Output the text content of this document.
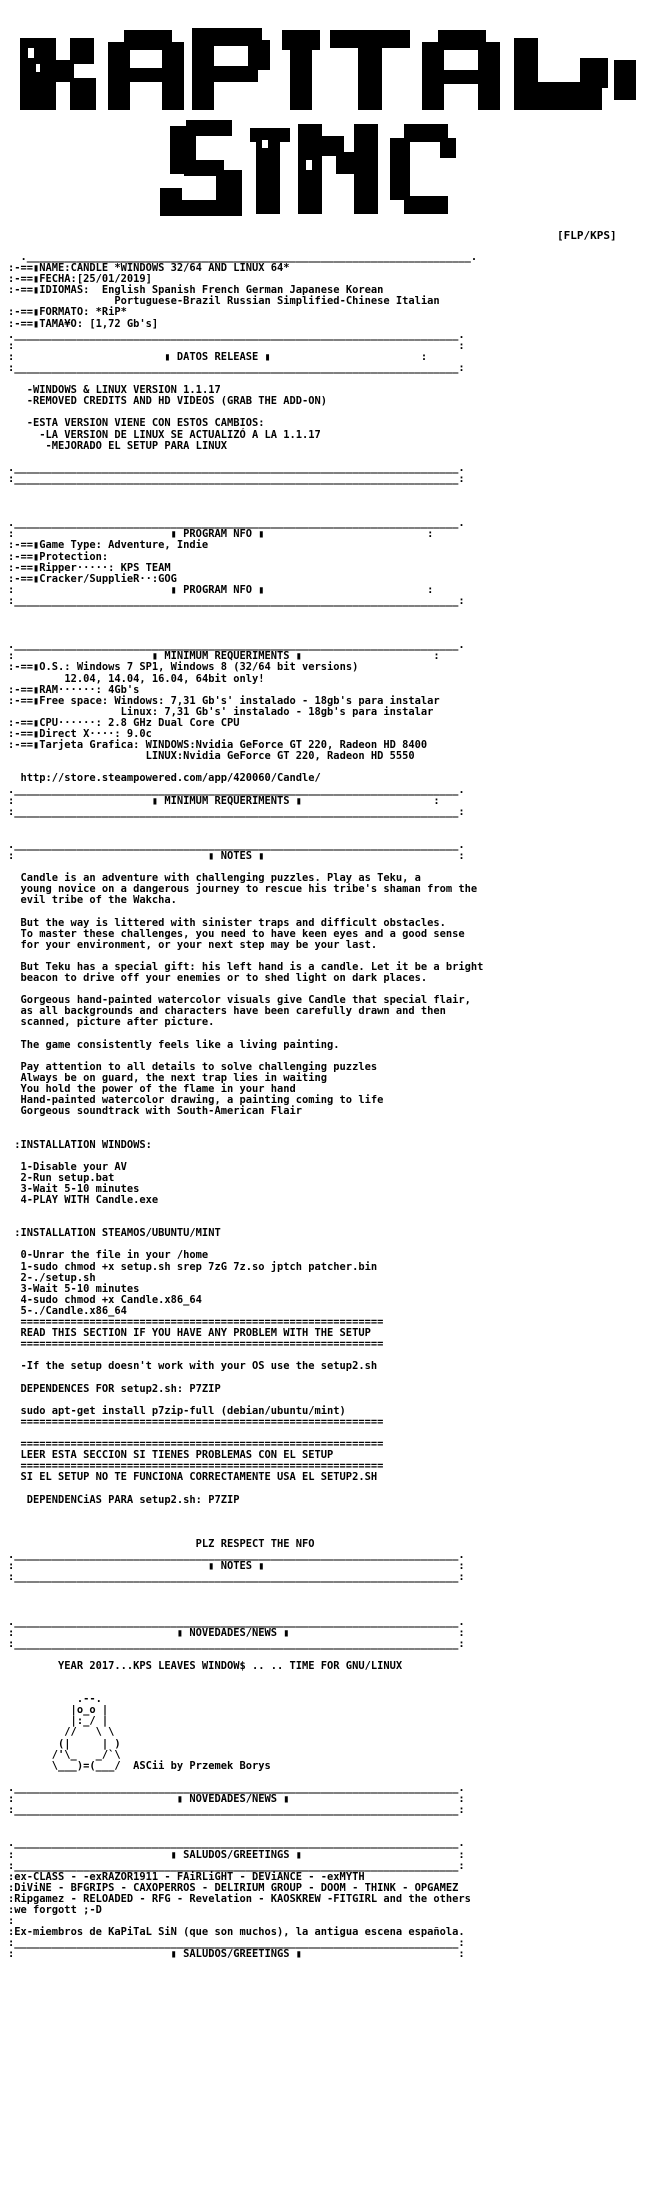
[FLP/KPS]
._______________________________________________________________________.
:-==▮NAME:CANDLE *WINDOWS 32/64 AND LINUX 64*
:-==▮FECHA:[25/01/2019]
:-==▮IDIOMAS:  English Spanish French German Japanese Korean
Portuguese-Brazil Russian Simplified-Chinese Italian
:-==▮FORMATO: *RiP*
:-==▮TAMA¥O: [1,72 Gb's]
._______________________________________________________________________.
:                                                                       :
:                        ▮ DATOS RELEASE ▮                        :
:_______________________________________________________________________:

-WINDOWS & LINUX VERSION 1.1.17
-REMOVED CREDITS AND HD VIDEOS (GRAB THE ADD-ON)

-ESTA VERSION VIENE CON ESTOS CAMBIOS:
-LA VERSION DE LINUX SE ACTUALIZÓ A LA 1.1.17
-MEJORADO EL SETUP PARA LINUX

._______________________________________________________________________.
:_______________________________________________________________________:

._______________________________________________________________________.
:                         ▮ PROGRAM NFO ▮                          :
:-==▮Game Type: Adventure, Indie
:-==▮Protection:
:-==▮Ripper·····: KPS TEAM
:-==▮Cracker/SupplieR··:GOG
:                         ▮ PROGRAM NFO ▮                          :
:_______________________________________________________________________:

._______________________________________________________________________.
:                      ▮ MINIMUM REQUERIMENTS ▮                     :
:-==▮O.S.: Windows 7 SP1, Windows 8 (32/64 bit versions)
12.04, 14.04, 16.04, 64bit only!
:-==▮RAM······: 4Gb's
:-==▮Free space: Windows: 7,31 Gb's' instalado - 18gb's para instalar
Linux: 7,31 Gb's' instalado - 18gb's para instalar
:-==▮CPU······: 2.8 GHz Dual Core CPU
:-==▮Direct X····: 9.0c
:-==▮Tarjeta Grafica: WINDOWS:Nvidia GeForce GT 220, Radeon HD 8400
LINUX:Nvidia GeForce GT 220, Radeon HD 5550

http://store.steampowered.com/app/420060/Candle/
._______________________________________________________________________.
:                      ▮ MINIMUM REQUERIMENTS ▮                     :
:_______________________________________________________________________:

._______________________________________________________________________.
:                               ▮ NOTES ▮                               :

Candle is an adventure with challenging puzzles. Play as Teku, a
young novice on a dangerous journey to rescue his tribe's shaman from the
evil tribe of the Wakcha.

But the way is littered with sinister traps and difficult obstacles.
To master these challenges, you need to have keen eyes and a good sense
for your environment, or your next step may be your last.

But Teku has a special gift: his left hand is a candle. Let it be a bright
beacon to drive off your enemies or to shed light on dark places.

Gorgeous hand-painted watercolor visuals give Candle that special flair,
as all backgrounds and characters have been carefully drawn and then
scanned, picture after picture.

The game consistently feels like a living painting.

Pay attention to all details to solve challenging puzzles
Always be on guard, the next trap lies in waiting
You hold the power of the flame in your hand
Hand-painted watercolor drawing, a painting coming to life
Gorgeous soundtrack with South-American Flair

:INSTALLATION WINDOWS:

1-Disable your AV
2-Run setup.bat
3-Wait 5-10 minutes
4-PLAY WITH Candle.exe

:INSTALLATION STEAMOS/UBUNTU/MINT

0-Unrar the file in your /home
1-sudo chmod +x setup.sh srep 7zG 7z.so jptch patcher.bin
2-./setup.sh
3-Wait 5-10 minutes
4-sudo chmod +x Candle.x86_64
5-./Candle.x86_64
==========================================================
READ THIS SECTION IF YOU HAVE ANY PROBLEM WITH THE SETUP
==========================================================

-If the setup doesn't work with your OS use the setup2.sh

DEPENDENCES FOR setup2.sh: P7ZIP

sudo apt-get install p7zip-full (debian/ubuntu/mint)
==========================================================

==========================================================
LEER ESTA SECCION SI TIENES PROBLEMAS CON EL SETUP
==========================================================
SI EL SETUP NO TE FUNCIONA CORRECTAMENTE USA EL SETUP2.SH

DEPENDENCiAS PARA setup2.sh: P7ZIP

PLZ RESPECT THE NFO
._______________________________________________________________________.
:                               ▮ NOTES ▮                               :
:_______________________________________________________________________:

._______________________________________________________________________.
:                          ▮ NOVEDADES/NEWS ▮                           :
:_______________________________________________________________________:

YEAR 2017...KPS LEAVES WINDOW$ .. .. TIME FOR GNU/LINUX

.--.
|o_o |
|:_/ |
//   \ \
(|     | )
/'\_   _/`\
\___)=(___/  ASCii by Przemek Borys

._______________________________________________________________________.
:                          ▮ NOVEDADES/NEWS ▮                           :
:_______________________________________________________________________:

._______________________________________________________________________.
:                         ▮ SALUDOS/GREETINGS ▮                         :
:_______________________________________________________________________:
:ex-CLASS - -exRAZOR1911 - FAiRLiGHT - DEViANCE - -exMYTH
:DiViNE - BFGRIPS - CAXOPERROS - DELIRIUM GROUP - DOOM - THINK - OPGAMEZ
:Ripgamez - RELOADED - RFG - Revelation - KAOSKREW -FITGIRL and the others
:we forgott ;-D
:
:Ex-miembros de KaPiTaL SiN (que son muchos), la antigua escena española.
:_______________________________________________________________________:
:                         ▮ SALUDOS/GREETINGS ▮                         :
